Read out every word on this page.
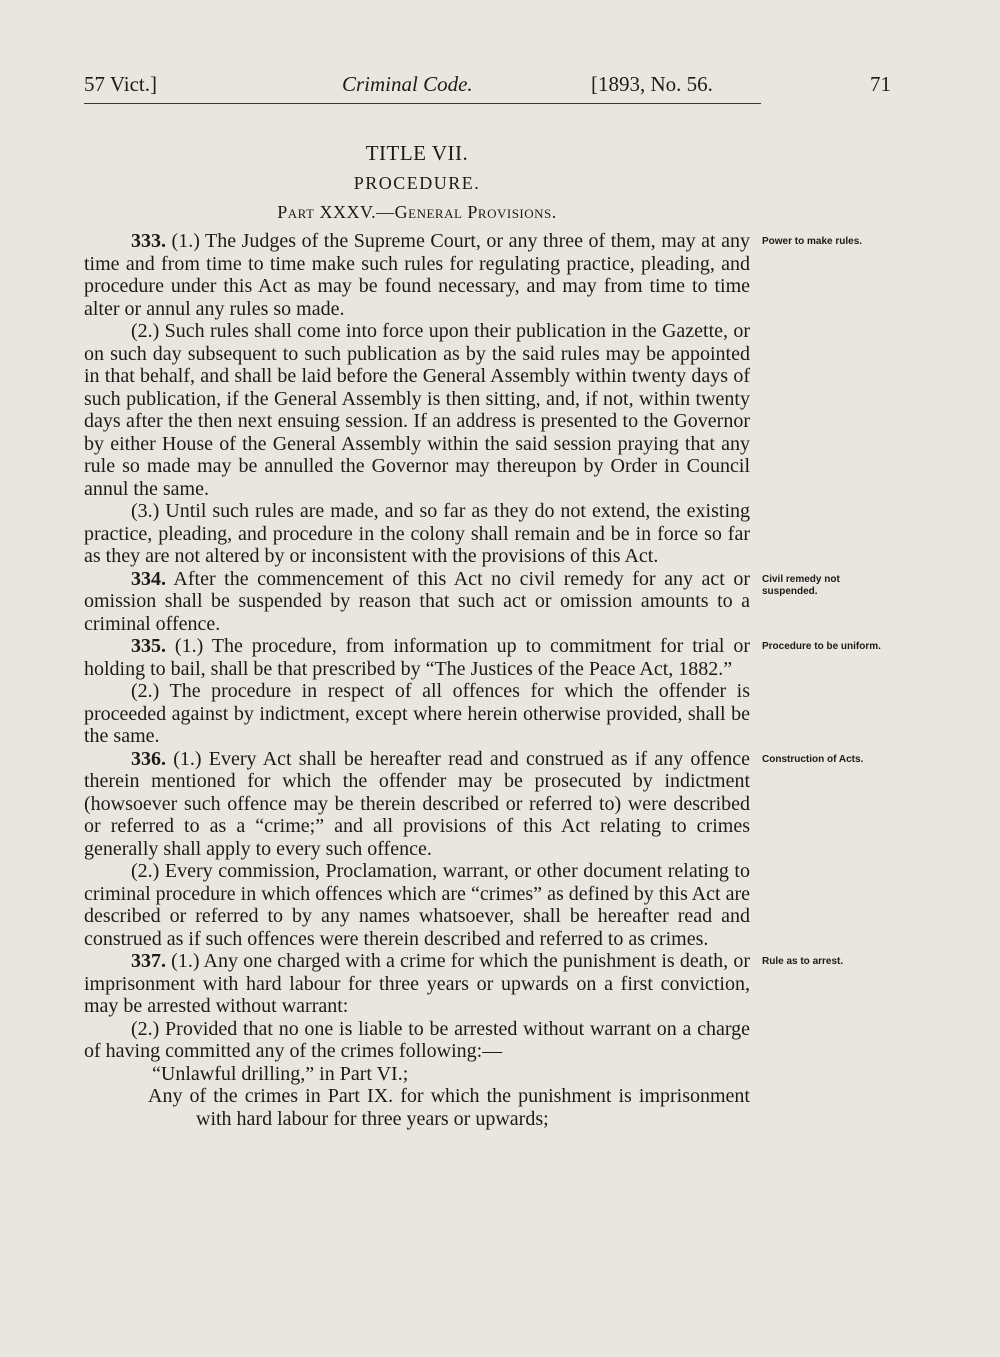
57 Vict.]	Criminal Code.	[1893, No. 56.	71
TITLE VII.
PROCEDURE.
Part XXXV.—General Provisions.
333. (1.) The Judges of the Supreme Court, or any three of them, may at any time and from time to time make such rules for regulating practice, pleading, and procedure under this Act as may be found necessary, and may from time to time alter or annul any rules so made.
Power to make rules.
(2.) Such rules shall come into force upon their publication in the Gazette, or on such day subsequent to such publication as by the said rules may be appointed in that behalf, and shall be laid before the General Assembly within twenty days of such publication, if the General Assembly is then sitting, and, if not, within twenty days after the then next ensuing session. If an address is presented to the Governor by either House of the General Assembly within the said session praying that any rule so made may be annulled the Governor may thereupon by Order in Council annul the same.
(3.) Until such rules are made, and so far as they do not extend, the existing practice, pleading, and procedure in the colony shall remain and be in force so far as they are not altered by or inconsistent with the provisions of this Act.
334. After the commencement of this Act no civil remedy for any act or omission shall be suspended by reason that such act or omission amounts to a criminal offence.
Civil remedy not suspended.
335. (1.) The procedure, from information up to commitment for trial or holding to bail, shall be that prescribed by “The Justices of the Peace Act, 1882.”
Procedure to be uniform.
(2.) The procedure in respect of all offences for which the offender is proceeded against by indictment, except where herein otherwise provided, shall be the same.
336. (1.) Every Act shall be hereafter read and construed as if any offence therein mentioned for which the offender may be prosecuted by indictment (howsoever such offence may be therein described or referred to) were described or referred to as a “crime;” and all provisions of this Act relating to crimes generally shall apply to every such offence.
Construction of Acts.
(2.) Every commission, Proclamation, warrant, or other document relating to criminal procedure in which offences which are “crimes” as defined by this Act are described or referred to by any names whatsoever, shall be hereafter read and construed as if such offences were therein described and referred to as crimes.
337. (1.) Any one charged with a crime for which the punishment is death, or imprisonment with hard labour for three years or upwards on a first conviction, may be arrested without warrant:
Rule as to arrest.
(2.) Provided that no one is liable to be arrested without warrant on a charge of having committed any of the crimes following:—
“Unlawful drilling,” in Part VI.;
Any of the crimes in Part IX. for which the punishment is imprisonment with hard labour for three years or upwards;
